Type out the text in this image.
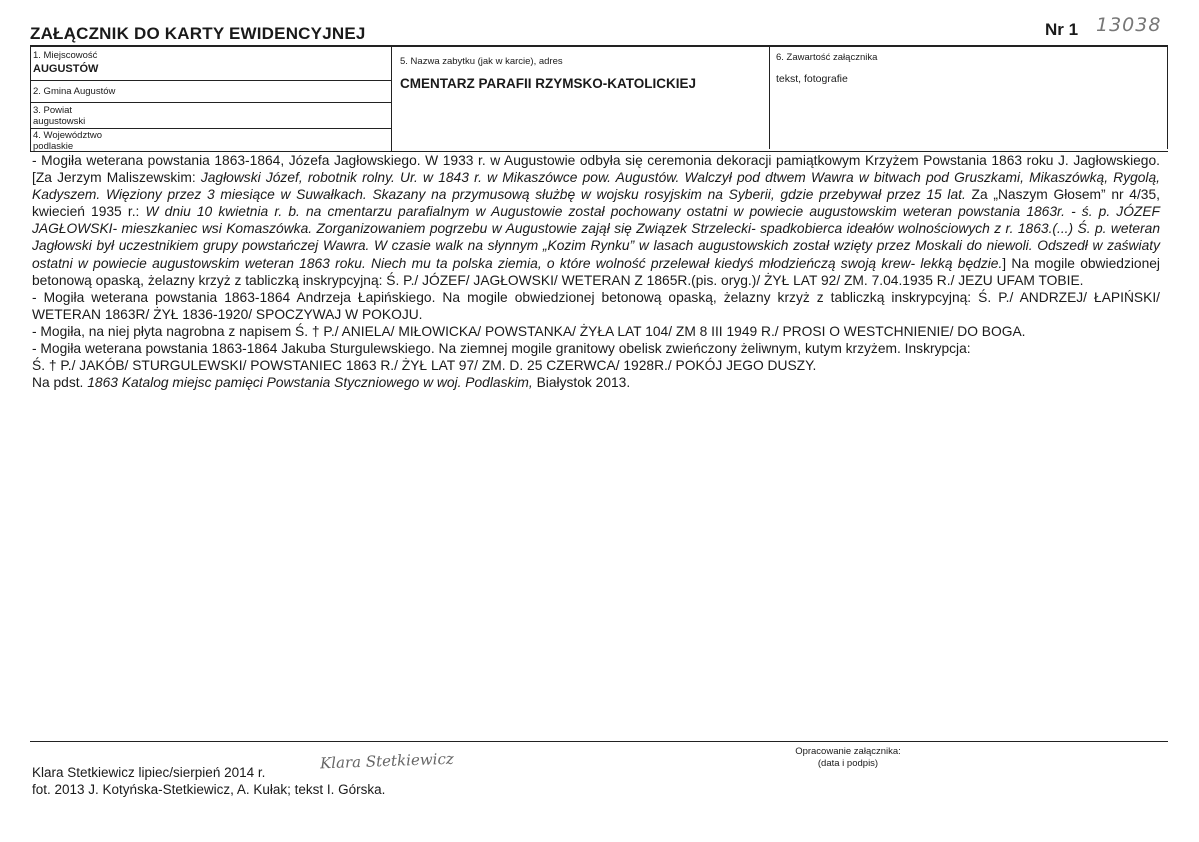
ZAŁĄCZNIK DO KARTY EWIDENCYJNEJ	Nr 1 13038
1. Miejscowość
AUGUSTÓW
2. Gmina Augustów
3. Powiat
augustowski
4. Województwo
podlaskie
5. Nazwa zabytku (jak w karcie), adres
CMENTARZ PARAFII RZYMSKO-KATOLICKIEJ
6. Zawartość załącznika
tekst, fotografie

- Mogiła weterana powstania 1863-1864, Józefa Jagłowskiego. W 1933 r. w Augustowie odbyła się ceremonia dekoracji pamiątkowym Krzyżem Powstania 1863 roku J. Jagłowskiego. [Za Jerzym Maliszewskim: Jagłowski Józef, robotnik rolny. Ur. w 1843 r. w Mikaszówce pow. Augustów. Walczył pod dtwem Wawra w bitwach pod Gruszkami, Mikaszówką, Rygolą, Kadyszem. Więziony przez 3 miesiące w Suwałkach. Skazany na przymusową służbę w wojsku rosyjskim na Syberii, gdzie przebywał przez 15 lat. Za „Naszym Głosem” nr 4/35, kwiecień 1935 r.: W dniu 10 kwietnia r. b. na cmentarzu parafialnym w Augustowie został pochowany ostatni w powiecie augustowskim weteran powstania 1863r. - ś. p. JÓZEF JAGŁOWSKI- mieszkaniec wsi Komaszówka. Zorganizowaniem pogrzebu w Augustowie zajął się Związek Strzelecki- spadkobierca ideałów wolnościowych z r. 1863.(...) Ś. p. weteran Jagłowski był uczestnikiem grupy powstańczej Wawra. W czasie walk na słynnym „Kozim Rynku” w lasach augustowskich został wzięty przez Moskali do niewoli. Odszedł w zaświaty ostatni w powiecie augustowskim weteran 1863 roku. Niech mu ta polska ziemia, o które wolność przelewał kiedyś młodzieńczą swoją krew- lekką będzie.] Na mogile obwiedzionej betonową opaską, żelazny krzyż z tabliczką inskrypcyjną: Ś. P./ JÓZEF/ JAGŁOWSKI/ WETERAN Z 1865R.(pis. oryg.)/ ŻYŁ LAT 92/ ZM. 7.04.1935 R./ JEZU UFAM TOBIE.

- Mogiła weterana powstania 1863-1864 Andrzeja Łapińskiego. Na mogile obwiedzionej betonową opaską, żelazny krzyż z tabliczką inskrypcyjną: Ś. P./ ANDRZEJ/ ŁAPIŃSKI/ WETERAN 1863R/ ŻYŁ 1836-1920/ SPOCZYWAJ W POKOJU.

- Mogiła, na niej płyta nagrobna z napisem Ś. † P./ ANIELA/ MIŁOWICKA/ POWSTANKA/ ŻYŁA LAT 104/ ZM 8 III 1949 R./ PROSI O WESTCHNIENIE/ DO BOGA.

- Mogiła weterana powstania 1863-1864 Jakuba Sturgulewskiego. Na ziemnej mogile granitowy obelisk zwieńczony żeliwnym, kutym krzyżem. Inskrypcja:

Ś. † P./ JAKÓB/ STURGULEWSKI/ POWSTANIEC 1863 R./ ŻYŁ LAT 97/ ZM. D. 25 CZERWCA/ 1928R./ POKÓJ JEGO DUSZY.

Na pdst. 1863 Katalog miejsc pamięci Powstania Styczniowego w woj. Podlaskim, Białystok 2013.

Klara Stetkiewicz lipiec/sierpień 2014 r.
Klara Stetkiewicz
fot. 2013 J. Kotyńska-Stetkiewicz, A. Kułak; tekst I. Górska.
Opracowanie załącznika:
(data i podpis)
